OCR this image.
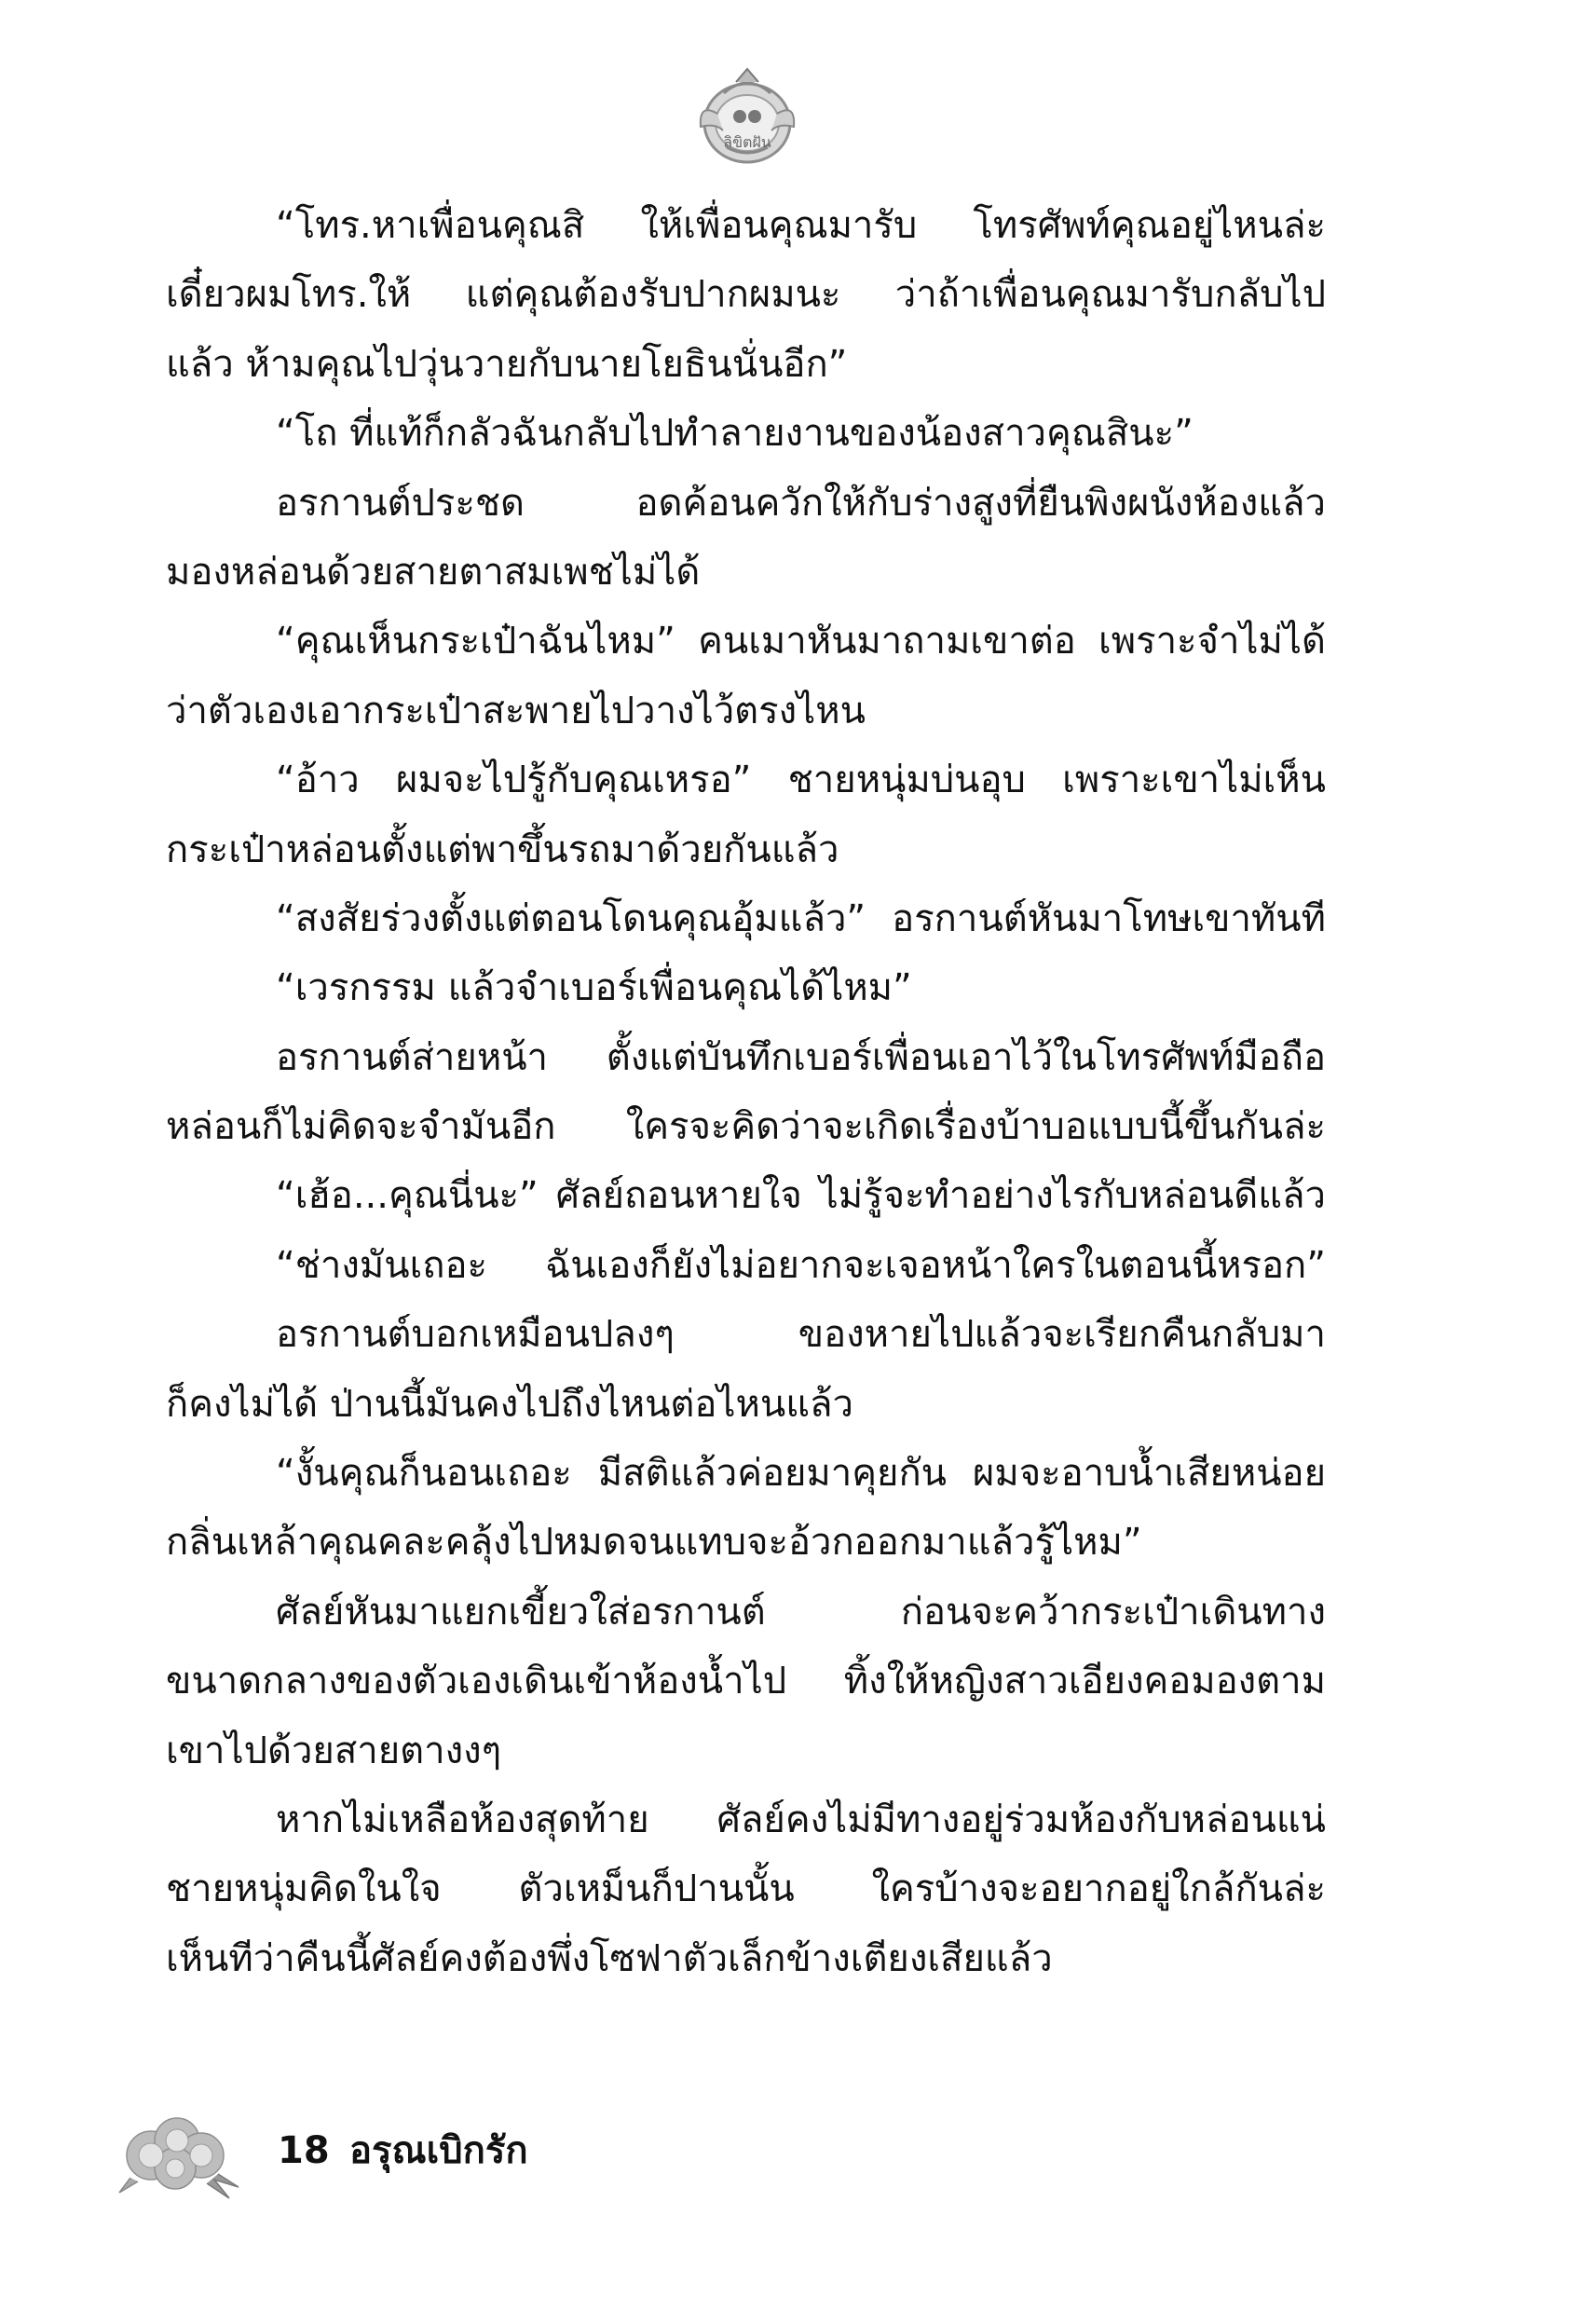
ลิขิตฝัน
“โทร.หาเพื่อนคุณสิ ให้เพื่อนคุณมารับ โทรศัพท์คุณอยู่ไหนล่ะ
เดี๋ยวผมโทร.ให้ แต่คุณต้องรับปากผมนะ ว่าถ้าเพื่อนคุณมารับกลับไป
แล้ว ห้ามคุณไปวุ่นวายกับนายโยธินนั่นอีก”
“โถ ที่แท้ก็กลัวฉันกลับไปทำลายงานของน้องสาวคุณสินะ”
อรกานต์ประชด อดค้อนควักให้กับร่างสูงที่ยืนพิงผนังห้องแล้ว
มองหล่อนด้วยสายตาสมเพชไม่ได้
“คุณเห็นกระเป๋าฉันไหม” คนเมาหันมาถามเขาต่อ เพราะจำไม่ได้
ว่าตัวเองเอากระเป๋าสะพายไปวางไว้ตรงไหน
“อ้าว ผมจะไปรู้กับคุณเหรอ” ชายหนุ่มบ่นอุบ เพราะเขาไม่เห็น
กระเป๋าหล่อนตั้งแต่พาขึ้นรถมาด้วยกันแล้ว
“สงสัยร่วงตั้งแต่ตอนโดนคุณอุ้มแล้ว” อรกานต์หันมาโทษเขาทันที
“เวรกรรม แล้วจำเบอร์เพื่อนคุณได้ไหม”
อรกานต์ส่ายหน้า ตั้งแต่บันทึกเบอร์เพื่อนเอาไว้ในโทรศัพท์มือถือ
หล่อนก็ไม่คิดจะจำมันอีก ใครจะคิดว่าจะเกิดเรื่องบ้าบอแบบนี้ขึ้นกันล่ะ
“เฮ้อ...คุณนี่นะ” ศัลย์ถอนหายใจ ไม่รู้จะทำอย่างไรกับหล่อนดีแล้ว
“ช่างมันเถอะ ฉันเองก็ยังไม่อยากจะเจอหน้าใครในตอนนี้หรอก”
อรกานต์บอกเหมือนปลงๆ ของหายไปแล้วจะเรียกคืนกลับมา
ก็คงไม่ได้ ป่านนี้มันคงไปถึงไหนต่อไหนแล้ว
“งั้นคุณก็นอนเถอะ มีสติแล้วค่อยมาคุยกัน ผมจะอาบน้ำเสียหน่อย
กลิ่นเหล้าคุณคละคลุ้งไปหมดจนแทบจะอ้วกออกมาแล้วรู้ไหม”
ศัลย์หันมาแยกเขี้ยวใส่อรกานต์ ก่อนจะคว้ากระเป๋าเดินทาง
ขนาดกลางของตัวเองเดินเข้าห้องน้ำไป ทิ้งให้หญิงสาวเอียงคอมองตาม
เขาไปด้วยสายตางงๆ
หากไม่เหลือห้องสุดท้าย ศัลย์คงไม่มีทางอยู่ร่วมห้องกับหล่อนแน่
ชายหนุ่มคิดในใจ ตัวเหม็นก็ปานนั้น ใครบ้างจะอยากอยู่ใกล้กันล่ะ
เห็นทีว่าคืนนี้ศัลย์คงต้องพึ่งโซฟาตัวเล็กข้างเตียงเสียแล้ว
18 อรุณเบิกรัก
